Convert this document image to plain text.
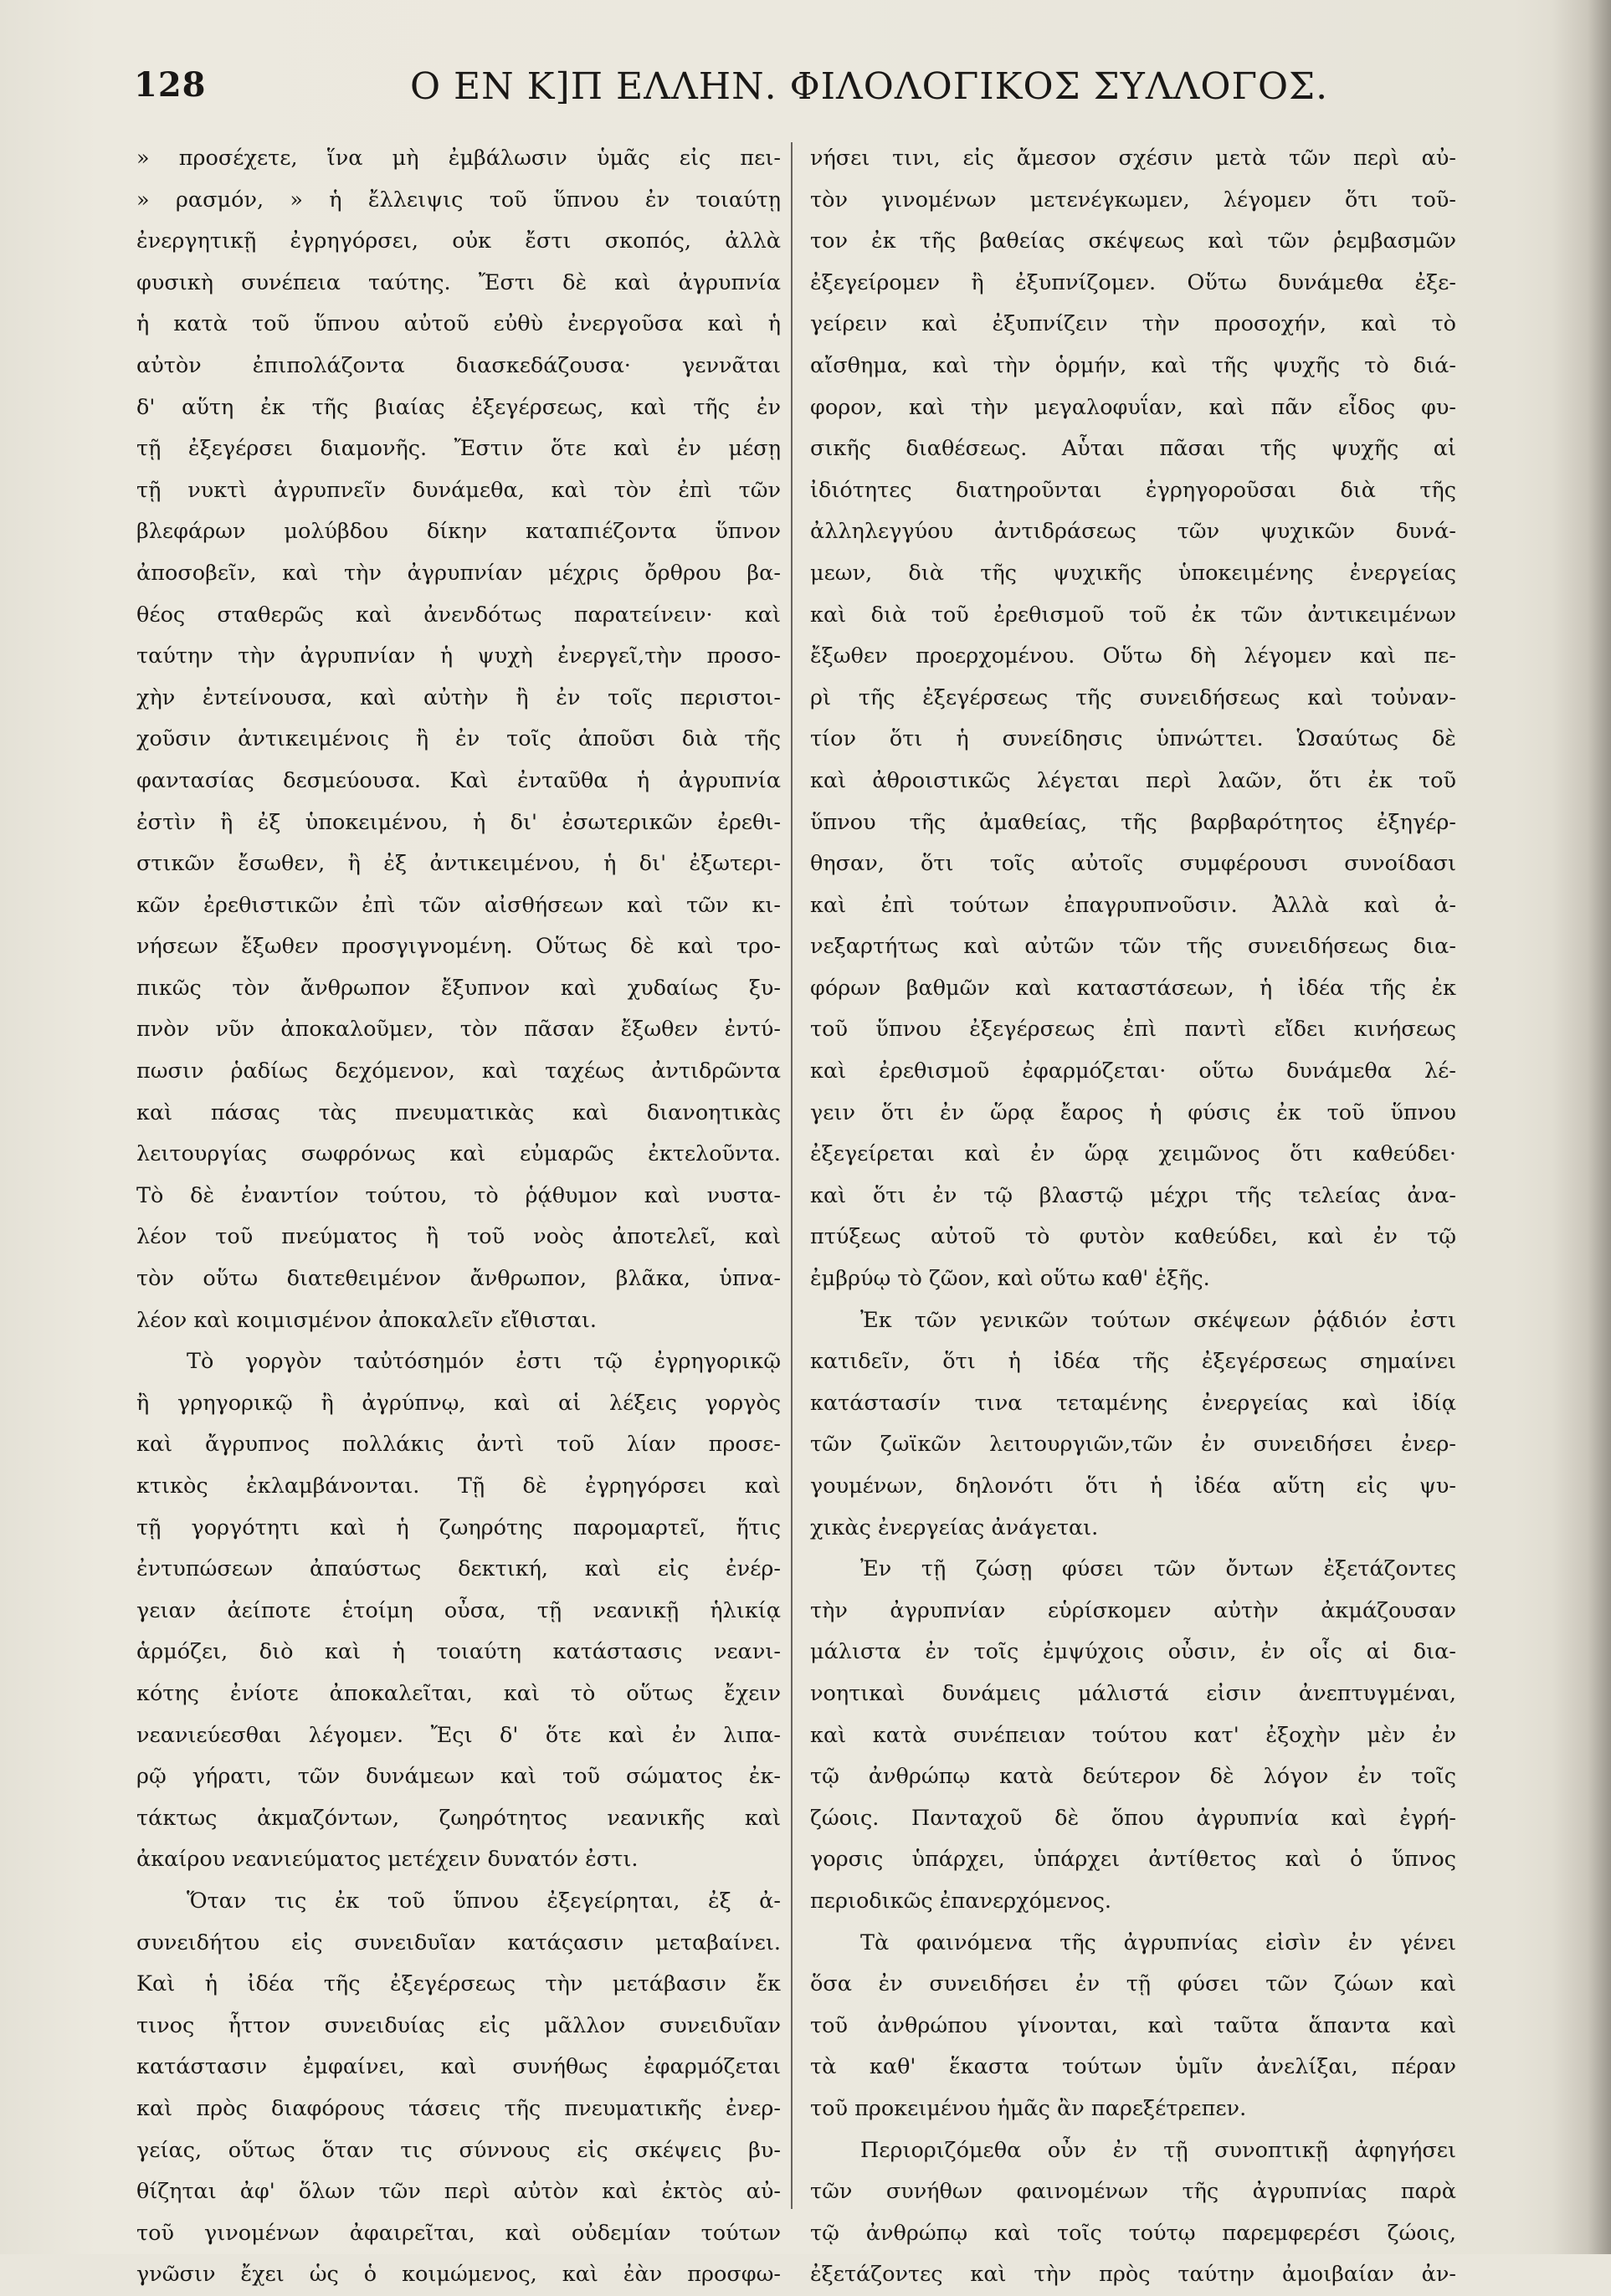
128	Ο ΕΝ Κ]Π ΕΛΛΗΝ. ΦΙΛΟΛΟΓΙΚΟΣ ΣΥΛΛΟΓΟΣ.
» προσέχετε, ἵνα μὴ ἐμβάλωσιν ὑμᾶς εἰς πει-
» ρασμόν, » ἡ ἔλλειψις τοῦ ὕπνου ἐν τοιαύτῃ
ἐνεργητικῇ ἐγρηγόρσει, οὐκ ἔστι σκοπός, ἀλλὰ
φυσικὴ συνέπεια ταύτης. Ἔστι δὲ καὶ ἀγρυπνία
ἡ κατὰ τοῦ ὕπνου αὐτοῦ εὐθὺ ἐνεργοῦσα καὶ ἡ
αὐτὸν ἐπιπολάζοντα διασκεδάζουσα· γεννᾶται
δ' αὕτη ἐκ τῆς βιαίας ἐξεγέρσεως, καὶ τῆς ἐν
τῇ ἐξεγέρσει διαμονῆς. Ἔστιν ὅτε καὶ ἐν μέσῃ
τῇ νυκτὶ ἀγρυπνεῖν δυνάμεθα, καὶ τὸν ἐπὶ τῶν
βλεφάρων μολύβδου δίκην καταπιέζοντα ὕπνον
ἀποσοβεῖν, καὶ τὴν ἀγρυπνίαν μέχρις ὄρθρου βα-
θέος σταθερῶς καὶ ἀνενδότως παρατείνειν· καὶ
ταύτην τὴν ἀγρυπνίαν ἡ ψυχὴ ἐνεργεῖ,τὴν προσο-
χὴν ἐντείνουσα, καὶ αὐτὴν ἢ ἐν τοῖς περιστοι-
χοῦσιν ἀντικειμένοις ἢ ἐν τοῖς ἀποῦσι διὰ τῆς
φαντασίας δεσμεύουσα. Καὶ ἐνταῦθα ἡ ἀγρυπνία
ἐστὶν ἢ ἐξ ὑποκειμένου, ἡ δι' ἐσωτερικῶν ἐρεθι-
στικῶν ἔσωθεν, ἢ ἐξ ἀντικειμένου, ἡ δι' ἐξωτερι-
κῶν ἐρεθιστικῶν ἐπὶ τῶν αἰσθήσεων καὶ τῶν κι-
νήσεων ἔξωθεν προσγιγνομένη. Οὕτως δὲ καὶ τρο-
πικῶς τὸν ἄνθρωπον ἔξυπνον καὶ χυδαίως ξυ-
πνὸν νῦν ἀποκαλοῦμεν, τὸν πᾶσαν ἔξωθεν ἐντύ-
πωσιν ῥαδίως δεχόμενον, καὶ ταχέως ἀντιδρῶντα
καὶ πάσας τὰς πνευματικὰς καὶ διανοητικὰς
λειτουργίας σωφρόνως καὶ εὐμαρῶς ἐκτελοῦντα.
Τὸ δὲ ἐναντίον τούτου, τὸ ῥᾴθυμον καὶ νυστα-
λέον τοῦ πνεύματος ἢ τοῦ νοὸς ἀποτελεῖ, καὶ
τὸν οὕτω διατεθειμένον ἄνθρωπον, βλᾶκα, ὑπνα-
λέον καὶ κοιμισμένον ἀποκαλεῖν εἴθισται.
Τὸ γοργὸν ταὐτόσημόν ἐστι τῷ ἐγρηγορικῷ
ἢ γρηγορικῷ ἢ ἀγρύπνῳ, καὶ αἱ λέξεις γοργὸς
καὶ ἄγρυπνος πολλάκις ἀντὶ τοῦ λίαν προσε-
κτικὸς ἐκλαμβάνονται. Τῇ δὲ ἐγρηγόρσει καὶ
τῇ γοργότητι καὶ ἡ ζωηρότης παρομαρτεῖ, ἥτις
ἐντυπώσεων ἀπαύστως δεκτική, καὶ εἰς ἐνέρ-
γειαν ἀείποτε ἑτοίμη οὖσα, τῇ νεανικῇ ἡλικίᾳ
ἁρμόζει, διὸ καὶ ἡ τοιαύτη κατάστασις νεανι-
κότης ἐνίοτε ἀποκαλεῖται, καὶ τὸ οὕτως ἔχειν
νεανιεύεσθαι λέγομεν. Ἔςι δ' ὅτε καὶ ἐν λιπα-
ρῷ γήρατι, τῶν δυνάμεων καὶ τοῦ σώματος ἐκ-
τάκτως ἀκμαζόντων, ζωηρότητος νεανικῆς καὶ
ἀκαίρου νεανιεύματος μετέχειν δυνατόν ἐστι.
Ὅταν τις ἐκ τοῦ ὕπνου ἐξεγείρηται, ἐξ ἀ-
συνειδήτου εἰς συνειδυῖαν κατάςασιν μεταβαίνει.
Καὶ ἡ ἰδέα τῆς ἐξεγέρσεως τὴν μετάβασιν ἔκ
τινος ἧττον συνειδυίας εἰς μᾶλλον συνειδυῖαν
κατάστασιν ἐμφαίνει, καὶ συνήθως ἐφαρμόζεται
καὶ πρὸς διαφόρους τάσεις τῆς πνευματικῆς ἐνερ-
γείας, οὕτως ὅταν τις σύννους εἰς σκέψεις βυ-
θίζηται ἀφ' ὅλων τῶν περὶ αὐτὸν καὶ ἐκτὸς αὐ-
τοῦ γινομένων ἀφαιρεῖται, καὶ οὐδεμίαν τούτων
γνῶσιν ἔχει ὡς ὁ κοιμώμενος, καὶ ἐὰν προσφω-
νήσει τινι, εἰς ἄμεσον σχέσιν μετὰ τῶν περὶ αὐ-
τὸν γινομένων μετενέγκωμεν, λέγομεν ὅτι τοῦ-
τον ἐκ τῆς βαθείας σκέψεως καὶ τῶν ῥεμβασμῶν
ἐξεγείρομεν ἢ ἐξυπνίζομεν. Οὕτω δυνάμεθα ἐξε-
γείρειν καὶ ἐξυπνίζειν τὴν προσοχήν, καὶ τὸ
αἴσθημα, καὶ τὴν ὁρμήν, καὶ τῆς ψυχῆς τὸ διά-
φορον, καὶ τὴν μεγαλοφυΐαν, καὶ πᾶν εἶδος φυ-
σικῆς διαθέσεως. Αὗται πᾶσαι τῆς ψυχῆς αἱ
ἰδιότητες διατηροῦνται ἐγρηγοροῦσαι διὰ τῆς
ἀλληλεγγύου ἀντιδράσεως τῶν ψυχικῶν δυνά-
μεων, διὰ τῆς ψυχικῆς ὑποκειμένης ἐνεργείας
καὶ διὰ τοῦ ἐρεθισμοῦ τοῦ ἐκ τῶν ἀντικειμένων
ἔξωθεν πρoερχομένου. Οὕτω δὴ λέγομεν καὶ πε-
ρὶ τῆς ἐξεγέρσεως τῆς συνειδήσεως καὶ τοὐναν-
τίον ὅτι ἡ συνείδησις ὑπνώττει. Ὡσαύτως δὲ
καὶ ἀθροιστικῶς λέγεται περὶ λαῶν, ὅτι ἐκ τοῦ
ὕπνου τῆς ἀμαθείας, τῆς βαρβαρότητος ἐξηγέρ-
θησαν, ὅτι τοῖς αὐτοῖς συμφέρουσι συνοίδασι
καὶ ἐπὶ τούτων ἐπαγρυπνοῦσιν. Ἀλλὰ καὶ ἀ-
νεξαρτήτως καὶ αὐτῶν τῶν τῆς συνειδήσεως δια-
φόρων βαθμῶν καὶ καταστάσεων, ἡ ἰδέα τῆς ἐκ
τοῦ ὕπνου ἐξεγέρσεως ἐπὶ παντὶ εἴδει κινήσεως
καὶ ἐρεθισμοῦ ἐφαρμόζεται· οὕτω δυνάμεθα λέ-
γειν ὅτι ἐν ὥρᾳ ἔαρος ἡ φύσις ἐκ τοῦ ὕπνου
ἐξεγείρεται καὶ ἐν ὥρᾳ χειμῶνος ὅτι καθεύδει·
καὶ ὅτι ἐν τῷ βλαστῷ μέχρι τῆς τελείας ἀνα-
πτύξεως αὐτοῦ τὸ φυτὸν καθεύδει, καὶ ἐν τῷ
ἐμβρύῳ τὸ ζῶον, καὶ οὕτω καθ' ἑξῆς.
Ἐκ τῶν γενικῶν τούτων σκέψεων ῥᾴδιόν ἐστι
κατιδεῖν, ὅτι ἡ ἰδέα τῆς ἐξεγέρσεως σημαίνει
κατάστασίν τινα τεταμένης ἐνεργείας καὶ ἰδίᾳ
τῶν ζωϊκῶν λειτουργιῶν,τῶν ἐν συνειδήσει ἐνερ-
γουμένων, δηλονότι ὅτι ἡ ἰδέα αὕτη εἰς ψυ-
χικὰς ἐνεργείας ἀνάγεται.
Ἐν τῇ ζώσῃ φύσει τῶν ὄντων ἐξετάζοντες
τὴν ἀγρυπνίαν εὑρίσκομεν αὐτὴν ἀκμάζουσαν
μάλιστα ἐν τοῖς ἐμψύχοις οὖσιν, ἐν οἷς αἱ δια-
νοητικαὶ δυνάμεις μάλιστά εἰσιν ἀνεπτυγμέναι,
καὶ κατὰ συνέπειαν τούτου κατ' ἐξοχὴν μὲν ἐν
τῷ ἀνθρώπῳ κατὰ δεύτερον δὲ λόγον ἐν τοῖς
ζώοις. Πανταχοῦ δὲ ὅπου ἀγρυπνία καὶ ἐγρή-
γορσις ὑπάρχει, ὑπάρχει ἀντίθετος καὶ ὁ ὕπνος
περιοδικῶς ἐπανερχόμενος.
Τὰ φαινόμενα τῆς ἀγρυπνίας εἰσὶν ἐν γένει
ὅσα ἐν συνειδήσει ἐν τῇ φύσει τῶν ζώων καὶ
τοῦ ἀνθρώπου γίνονται, καὶ ταῦτα ἅπαντα καὶ
τὰ καθ' ἕκαστα τούτων ὑμῖν ἀνελίξαι, πέραν
τοῦ προκειμένου ἡμᾶς ἂν παρεξέτρεπεν.
Περιοριζόμεθα οὖν ἐν τῇ συνοπτικῇ ἀφηγήσει
τῶν συνήθων φαινομένων τῆς ἀγρυπνίας παρὰ
τῷ ἀνθρώπῳ καὶ τοῖς τούτῳ παρεμφερέσι ζώοις,
ἐξετάζοντες καὶ τὴν πρὸς ταύτην ἀμοιβαίαν ἀν-
